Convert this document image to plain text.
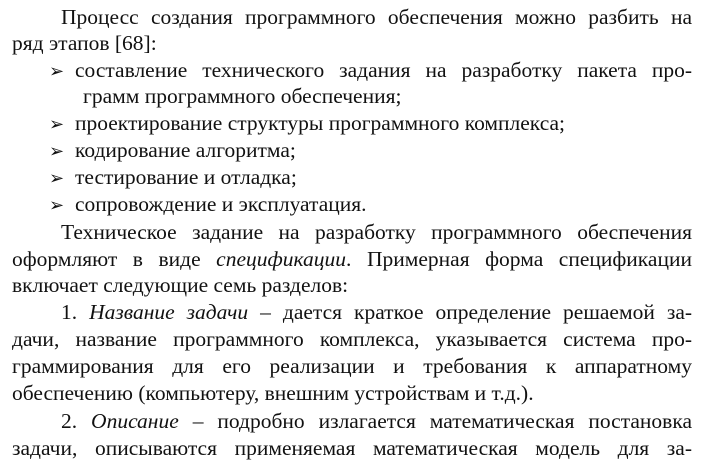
Процесс создания программного обеспечения можно разбить на
ряд этапов [68]:
➢ составление технического задания на разработку пакета про-
грамм программного обеспечения;
➢ проектирование структуры программного комплекса;
➢ кодирование алгоритма;
➢ тестирование и отладка;
➢ сопровождение и эксплуатация.
Техническое задание на разработку программного обеспечения
оформляют в виде спецификации. Примерная форма спецификации
включает следующие семь разделов:
1. Название задачи – дается краткое определение решаемой за-
дачи, название программного комплекса, указывается система про-
граммирования для его реализации и требования к аппаратному
обеспечению (компьютеру, внешним устройствам и т.д.).
2. Описание – подробно излагается математическая постановка
задачи, описываются применяемая математическая модель для за-
